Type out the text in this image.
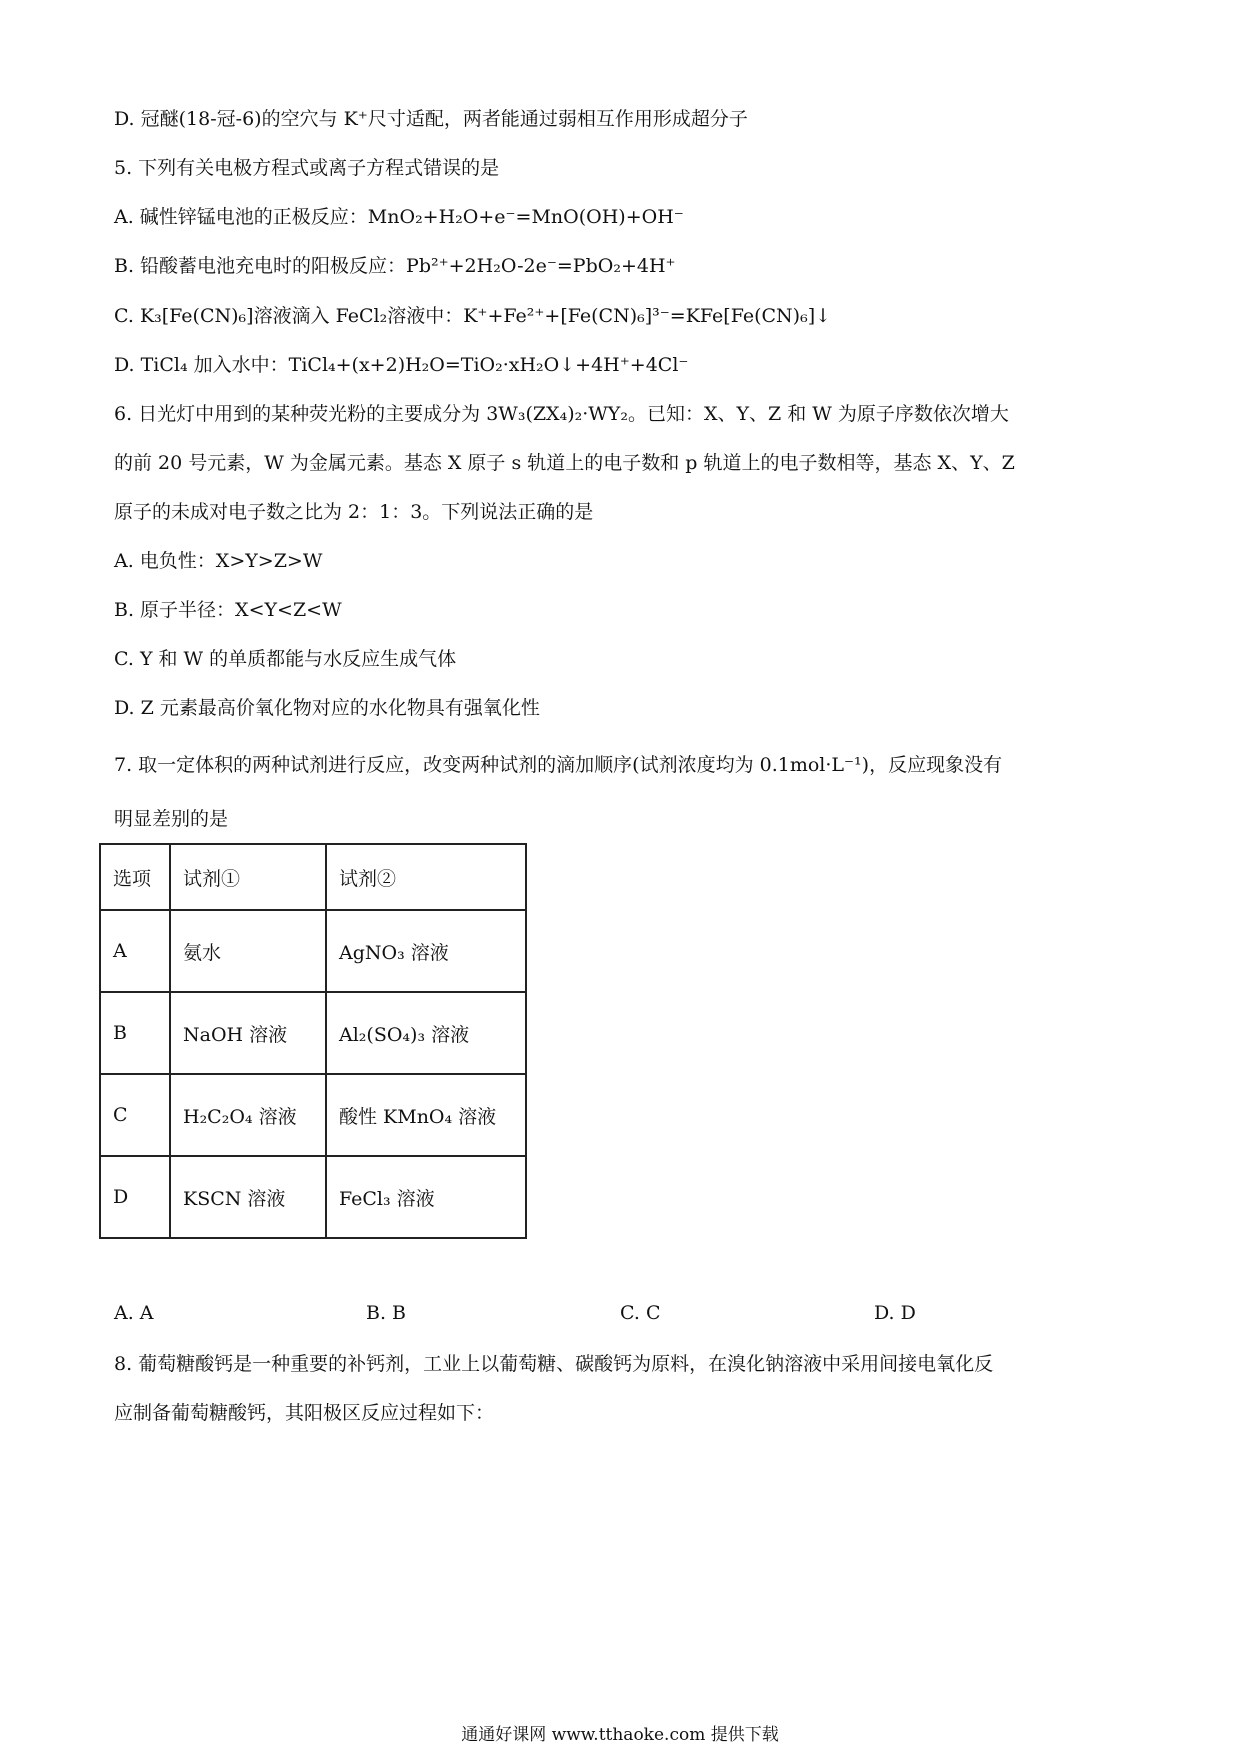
D. 冠醚(18-冠-6)的空穴与 K⁺尺寸适配，两者能通过弱相互作用形成超分子
5. 下列有关电极方程式或离子方程式错误的是
A. 碱性锌锰电池的正极反应：MnO₂+H₂O+e⁻=MnO(OH)+OH⁻
B. 铅酸蓄电池充电时的阳极反应：Pb²⁺+2H₂O-2e⁻=PbO₂+4H⁺
C. K₃[Fe(CN)₆]溶液滴入 FeCl₂溶液中：K⁺+Fe²⁺+[Fe(CN)₆]³⁻=KFe[Fe(CN)₆]↓
D. TiCl₄ 加入水中：TiCl₄+(x+2)H₂O=TiO₂·xH₂O↓+4H⁺+4Cl⁻
6. 日光灯中用到的某种荧光粉的主要成分为 3W₃(ZX₄)₂·WY₂。已知：X、Y、Z 和 W 为原子序数依次增大
的前 20 号元素，W 为金属元素。基态 X 原子 s 轨道上的电子数和 p 轨道上的电子数相等，基态 X、Y、Z
原子的未成对电子数之比为 2：1：3。下列说法正确的是
A. 电负性：X>Y>Z>W
B. 原子半径：X<Y<Z<W
C. Y 和 W 的单质都能与水反应生成气体
D. Z 元素最高价氧化物对应的水化物具有强氧化性
7. 取一定体积的两种试剂进行反应，改变两种试剂的滴加顺序(试剂浓度均为 0.1mol·L⁻¹)，反应现象没有
明显差别的是
选项	试剂①	试剂②
A	氨水	AgNO₃ 溶液
B	NaOH 溶液	Al₂(SO₄)₃ 溶液
C	H₂C₂O₄ 溶液	酸性 KMnO₄ 溶液
D	KSCN 溶液	FeCl₃ 溶液
A. A	B. B	C. C	D. D
8. 葡萄糖酸钙是一种重要的补钙剂，工业上以葡萄糖、碳酸钙为原料，在溴化钠溶液中采用间接电氧化反
应制备葡萄糖酸钙，其阳极区反应过程如下：
通通好课网 www.tthaoke.com 提供下载
